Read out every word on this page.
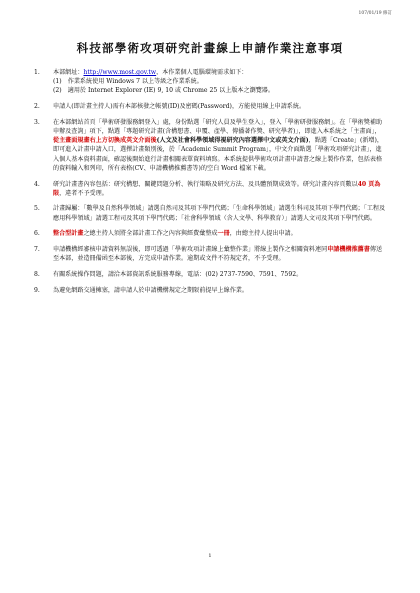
107/01/19 修訂
科技部學術攻項研究計畫線上申請作業注意事項
1. 本部網址：http://www.most.gov.tw，本作業個人電腦環境需求如下：
(1)　作業系統使用 Windows 7 以上等級之作業系統。
(2)　適用於 Internet Explorer (IE) 9, 10 或 Chrome 25 以上版本之瀏覽器。
2. 申請人(即計畫主持人)需有本部核發之帳號(ID)及密碼(Password)，方能使用線上申請系統。
3. 在本部網站首頁「學術研發服務網登入」處，身份點選「研究人員及學生登入」，登入「學術研發服務網」。在「學術獎補助申辦及查詢」項下，點選「專題研究計畫(含構想書、申覆、產學、傳播著作獎、研究學者)」，即進入本系統之「主畫面」，從主畫面規畫右上方切換成英文介面後(人文及社會科學領域得視研究內容選擇中文或英文介面)，點選「Create」(新增)，即可進入計畫申請入口，選擇計畫類別後，於「Academic Summit Program」，中文介面點選「學術攻項研究計畫」，進入個人基本資料畫面，確認後開始進行計畫相關表單資料填寫。本系統提供學術攻項計畫申請書之線上製作作業，包括表格的資料輸入和列印，所有表格(CV、申請機構推薦書等)的空白 Word 檔案下載。
4. 研究計畫書內容包括：研究構想、關鍵問題分析、執行策略及研究方法、及具體預期成效等。研究計畫內容頁數以40 頁為限，違者不予受理。
5. 計畫歸屬：「數學及自然科學領域」請選自然司及其項下學門代碼；「生命科學領域」請選生科司及其項下學門代碼；「工程及應用科學領域」請選工程司及其項下學門代碼；「社會科學領域（含人文學、科學教育）」請選人文司及其項下學門代碼。
6. 整合型計畫之總主持人須將全部計畫工作之內容與經費彙整成一冊，由總主持人提出申請。
7. 申請機構經審核申請資料無誤後，即可透過「學術攻項計畫線上彙整作業」將線上製作之相關資料連同申請機構推薦書傳送至本部，並造冊備函至本部後，方完成申請作業。逾期或文件不符規定者，不予受理。
8. 有關系統操作問題，請洽本部資訊系統服務專線，電話：(02) 2737-7590、7591、7592。
9. 為避免網路交通擁塞，請申請人於申請機構規定之期限前提早上線作業。
1
